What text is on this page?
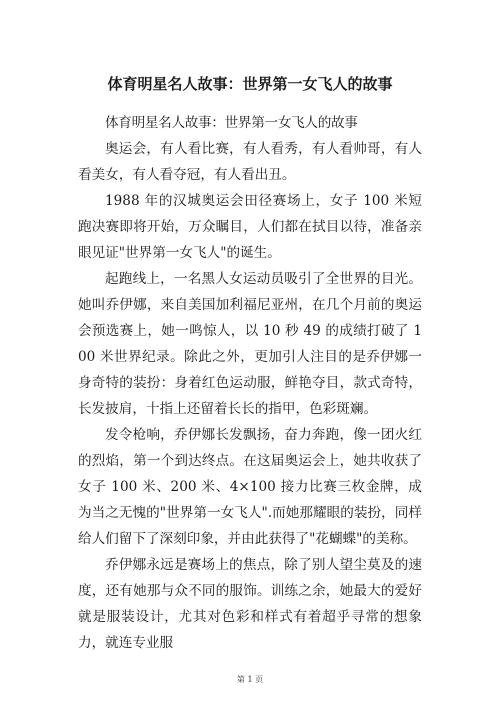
体育明星名人故事：世界第一女飞人的故事

体育明星名人故事：世界第一女飞人的故事

奥运会，有人看比赛，有人看秀，有人看帅哥，有人看美女，有人看夺冠，有人看出丑。

1988 年的汉城奥运会田径赛场上，女子 100 米短跑决赛即将开始，万众瞩目，人们都在拭目以待，准备亲眼见证"世界第一女飞人"的诞生。

起跑线上，一名黑人女运动员吸引了全世界的目光。她叫乔伊娜，来自美国加利福尼亚州，在几个月前的奥运会预选赛上，她一鸣惊人，以 10 秒 49 的成绩打破了 100 米世界纪录。除此之外，更加引人注目的是乔伊娜一身奇特的装扮：身着红色运动服，鲜艳夺目，款式奇特，长发披肩，十指上还留着长长的指甲，色彩斑斓。

发令枪响，乔伊娜长发飘扬，奋力奔跑，像一团火红的烈焰，第一个到达终点。在这届奥运会上，她共收获了女子 100 米、200 米、4×100 接力比赛三枚金牌，成为当之无愧的"世界第一女飞人".而她那耀眼的装扮，同样给人们留下了深刻印象，并由此获得了"花蝴蝶"的美称。

乔伊娜永远是赛场上的焦点，除了别人望尘莫及的速度，还有她那与众不同的服饰。训练之余，她最大的爱好就是服装设计，尤其对色彩和样式有着超乎寻常的想象力，就连专业服

第 1 页
